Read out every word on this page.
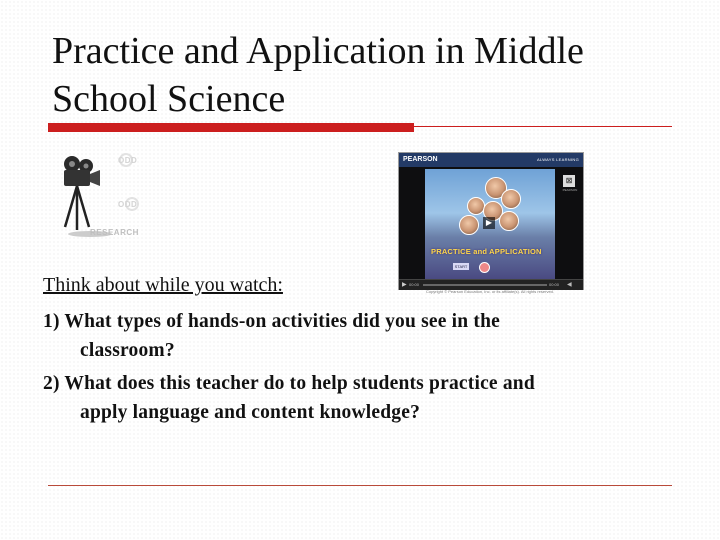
Practice and Application in Middle
School Science
ODD
ODD
RESEARCH
PEARSON	ALWAYS LEARNING
▶
PRACTICE and APPLICATION
START
⊠
PEARSON
▶ 00:00	00:00 ◀
Copyright © Pearson Education, Inc. or its affiliate(s). All rights reserved.
Think about while you watch:
1) What types of hands-on activities did you see in the
classroom?
2) What does this teacher do to help students practice and
apply language and content knowledge?
